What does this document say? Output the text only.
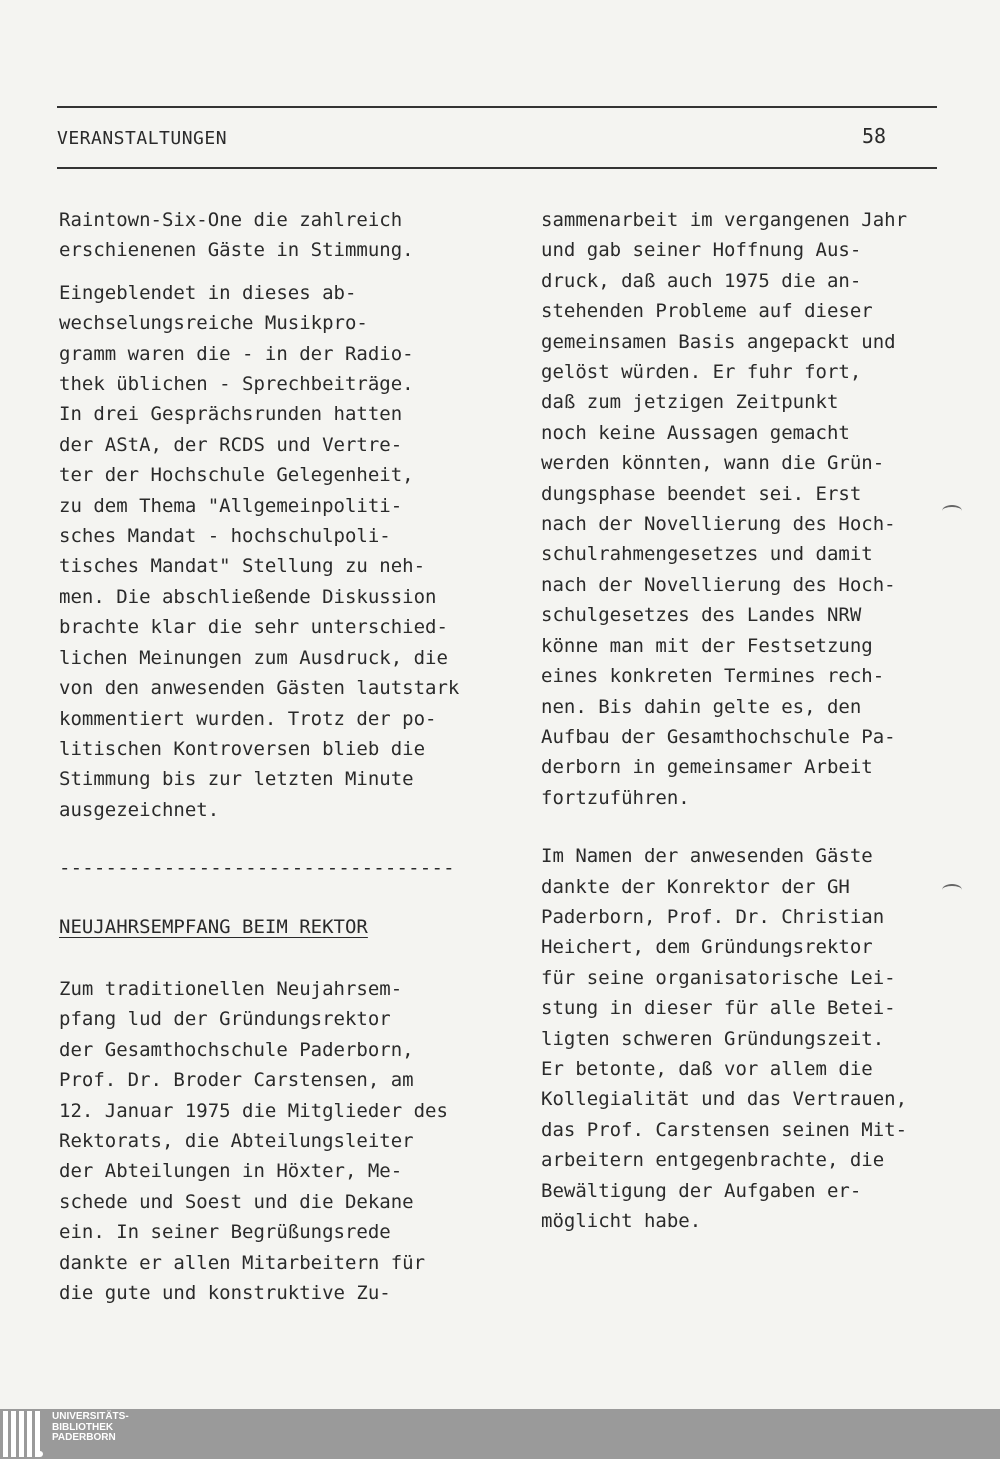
VERANSTALTUNGEN	58
Raintown-Six-One die zahlreich
erschienenen Gäste in Stimmung.
Eingeblendet in dieses ab-
wechselungsreiche Musikpro-
gramm waren die - in der Radio-
thek üblichen - Sprechbeiträge.
In drei Gesprächsrunden hatten
der AStA, der RCDS und Vertre-
ter der Hochschule Gelegenheit,
zu dem Thema "Allgemeinpoliti-
sches Mandat - hochschulpoli-
tisches Mandat" Stellung zu neh-
men. Die abschließende Diskussion
brachte klar die sehr unterschied-
lichen Meinungen zum Ausdruck, die
von den anwesenden Gästen lautstark
kommentiert wurden. Trotz der po-
litischen Kontroversen blieb die
Stimmung bis zur letzten Minute
ausgezeichnet.
----------------------------------
NEUJAHRSEMPFANG BEIM REKTOR
Zum traditionellen Neujahrsem-
pfang lud der Gründungsrektor
der Gesamthochschule Paderborn,
Prof. Dr. Broder Carstensen, am
12. Januar 1975 die Mitglieder des
Rektorats, die Abteilungsleiter
der Abteilungen in Höxter, Me-
schede und Soest und die Dekane
ein. In seiner Begrüßungsrede
dankte er allen Mitarbeitern für
die gute und konstruktive Zu-
sammenarbeit im vergangenen Jahr
und gab seiner Hoffnung Aus-
druck, daß auch 1975 die an-
stehenden Probleme auf dieser
gemeinsamen Basis angepackt und
gelöst würden. Er fuhr fort,
daß zum jetzigen Zeitpunkt
noch keine Aussagen gemacht
werden könnten, wann die Grün-
dungsphase beendet sei. Erst
nach der Novellierung des Hoch-
schulrahmengesetzes und damit
nach der Novellierung des Hoch-
schulgesetzes des Landes NRW
könne man mit der Festsetzung
eines konkreten Termines rech-
nen. Bis dahin gelte es, den
Aufbau der Gesamthochschule Pa-
derborn in gemeinsamer Arbeit
fortzuführen.
Im Namen der anwesenden Gäste
dankte der Konrektor der GH
Paderborn, Prof. Dr. Christian
Heichert, dem Gründungsrektor
für seine organisatorische Lei-
stung in dieser für alle Betei-
ligten schweren Gründungszeit.
Er betonte, daß vor allem die
Kollegialität und das Vertrauen,
das Prof. Carstensen seinen Mit-
arbeitern entgegenbrachte, die
Bewältigung der Aufgaben er-
möglicht habe.
UNIVERSITÄTS-
BIBLIOTHEK
PADERBORN
